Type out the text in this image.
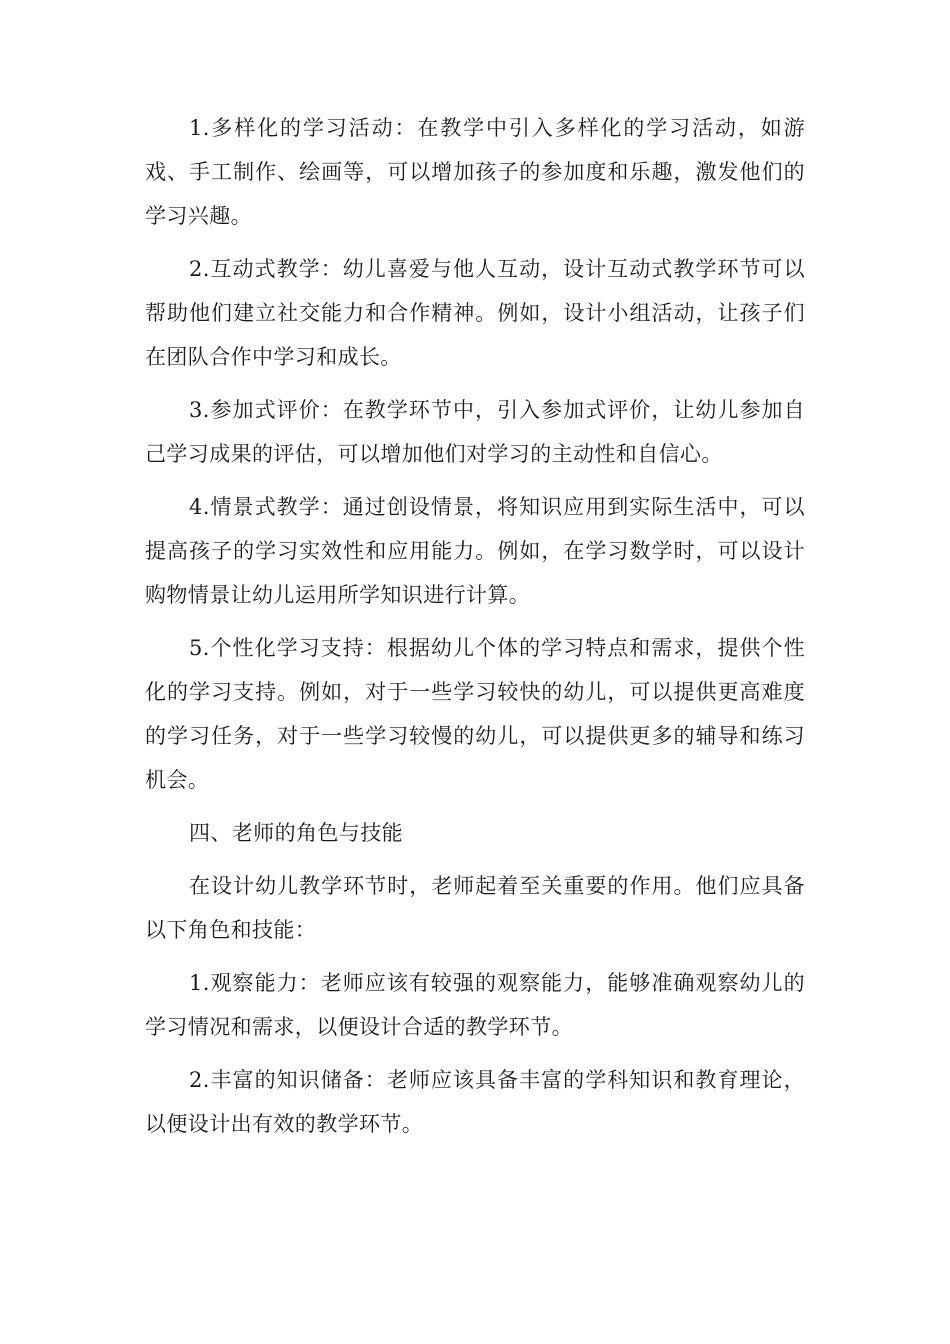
1.多样化的学习活动：在教学中引入多样化的学习活动，如游戏、手工制作、绘画等，可以增加孩子的参加度和乐趣，激发他们的学习兴趣。

2.互动式教学：幼儿喜爱与他人互动，设计互动式教学环节可以帮助他们建立社交能力和合作精神。例如，设计小组活动，让孩子们在团队合作中学习和成长。

3.参加式评价：在教学环节中，引入参加式评价，让幼儿参加自己学习成果的评估，可以增加他们对学习的主动性和自信心。

4.情景式教学：通过创设情景，将知识应用到实际生活中，可以提高孩子的学习实效性和应用能力。例如，在学习数学时，可以设计购物情景让幼儿运用所学知识进行计算。

5.个性化学习支持：根据幼儿个体的学习特点和需求，提供个性化的学习支持。例如，对于一些学习较快的幼儿，可以提供更高难度的学习任务，对于一些学习较慢的幼儿，可以提供更多的辅导和练习机会。

四、老师的角色与技能

在设计幼儿教学环节时，老师起着至关重要的作用。他们应具备以下角色和技能：

1.观察能力：老师应该有较强的观察能力，能够准确观察幼儿的学习情况和需求，以便设计合适的教学环节。

2.丰富的知识储备：老师应该具备丰富的学科知识和教育理论，以便设计出有效的教学环节。
